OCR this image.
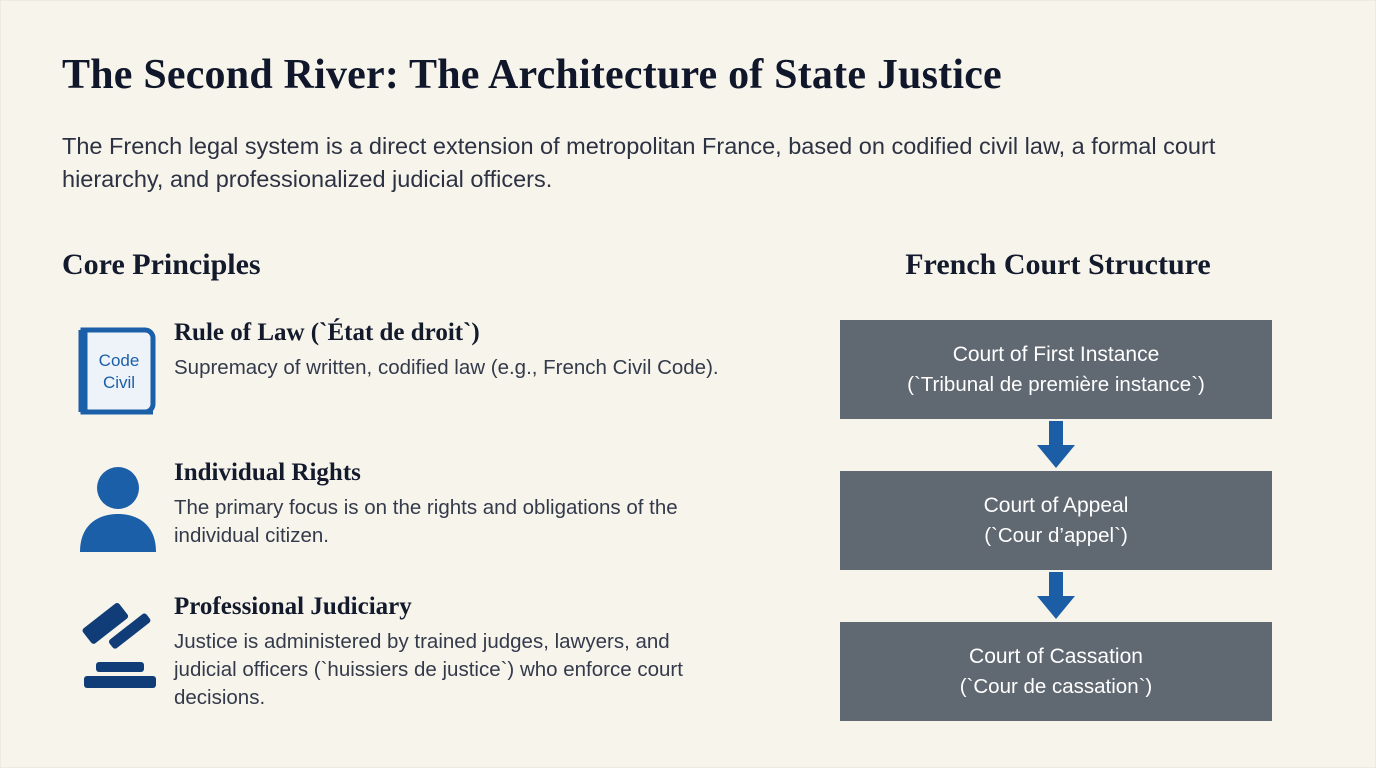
The Second River: The Architecture of State Justice
The French legal system is a direct extension of metropolitan France, based on codified civil law, a formal court hierarchy, and professionalized judicial officers.
Core Principles
Code
Civil
Rule of Law (`État de droit`)
Supremacy of written, codified law (e.g., French Civil Code).
Individual Rights
The primary focus is on the rights and obligations of the individual citizen.
Professional Judiciary
Justice is administered by trained judges, lawyers, and judicial officers (`huissiers de justice`) who enforce court decisions.
French Court Structure
Court of First Instance
(`Tribunal de première instance`)
Court of Appeal
(`Cour d’appel`)
Court of Cassation
(`Cour de cassation`)
